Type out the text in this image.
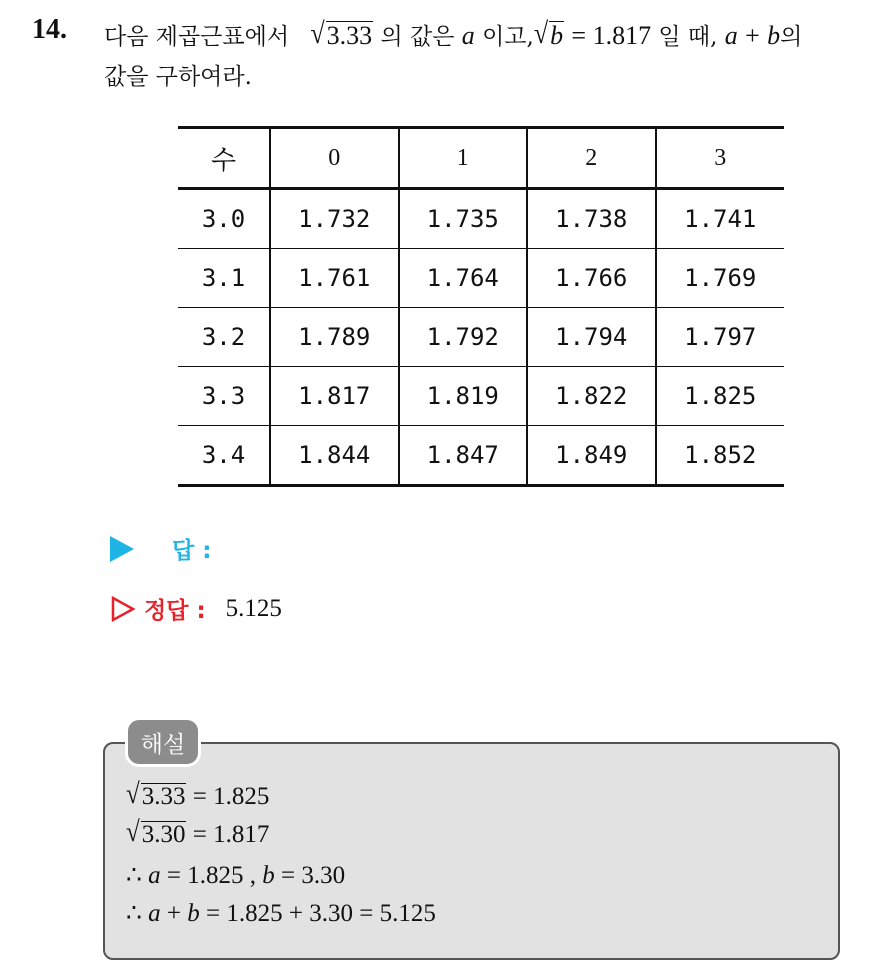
14. 다음 제곱근표에서 √3.33 의 값은 a 이고,√b = 1.817 일 때, a + b의
값을 구하여라.
수	0	1	2	3
3.0	1.732	1.735	1.738	1.741
3.1	1.761	1.764	1.766	1.769
3.2	1.789	1.792	1.794	1.797
3.3	1.817	1.819	1.822	1.825
3.4	1.844	1.847	1.849	1.852
답 :
정답 : 5.125
해설
√3.33 = 1.825
√3.30 = 1.817
∴ a = 1.825 , b = 3.30
∴ a + b = 1.825 + 3.30 = 5.125
